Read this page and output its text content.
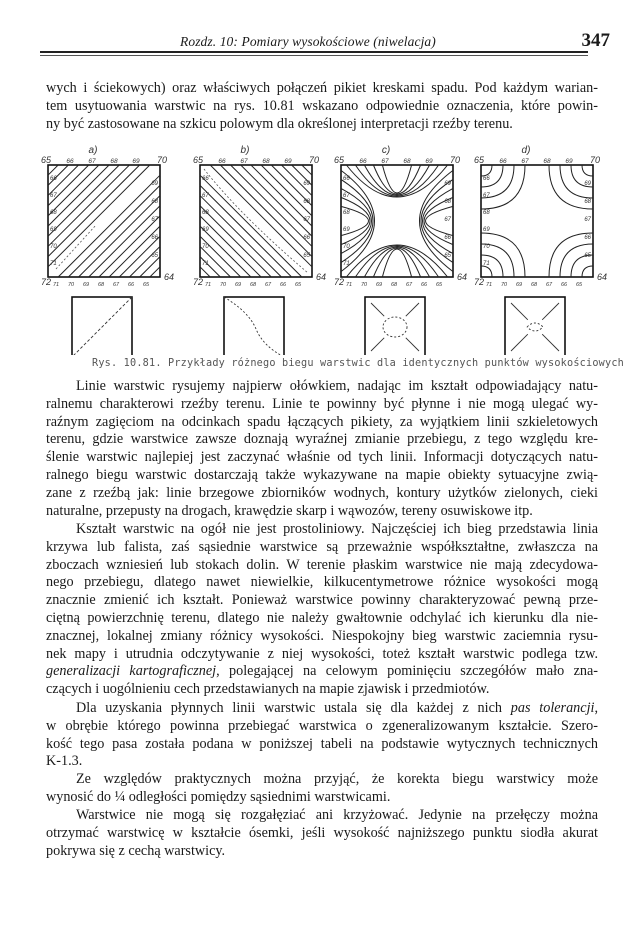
Rozdz. 10: Pomiary wysokościowe (niwelacja)	347

wych i ściekowych) oraz właściwych połączeń pikiet kreskami spadu. Pod każdym warian-
tem usytuowania warstwic na rys. 10.81 wskazano odpowiednie oznaczenia, które powin-
ny być zastosowane na szkicu polowym dla określonej interpretacji rzeźby terenu.

a)
65	70
72	64
66 67 68 69
66
67
68
69
70
71
69
68
67
66
65
71 70 69 68 67 66 65
b)
65	70
72	64
66 67 68 69
66
67
68
69
70
71
69
68
67
66
65
71 70 69 68 67 66 65
c)
65	70
72	64
66 67 68 69
66
67
68
69
70
71
69
68
67
66
65
71 70 69 68 67 66 65
d)
65	70
72	64
66 67 68 69
66
67
68
69
70
71
69
68
67
66
65
71 70 69 68 67 66 65
Rys. 10.81. Przykłady różnego biegu warstwic dla identycznych punktów wysokościowych

Linie warstwic rysujemy najpierw ołówkiem, nadając im kształt odpowiadający natu-
ralnemu charakterowi rzeźby terenu. Linie te powinny być płynne i nie mogą ulegać wy-
raźnym zagięciom na odcinkach spadu łączących pikiety, za wyjątkiem linii szkieletowych
terenu, gdzie warstwice zawsze doznają wyraźnej zmianie przebiegu, z tego względu kre-
ślenie warstwic najlepiej jest zaczynać właśnie od tych linii. Informacji dotyczących natu-
ralnego biegu warstwic dostarczają także wykazywane na mapie obiekty sytuacyjne zwią-
zane z rzeźbą jak: linie brzegowe zbiorników wodnych, kontury użytków zielonych, cieki
naturalne, przepusty na drogach, krawędzie skarp i wąwozów, tereny osuwiskowe itp.

Kształt warstwic na ogół nie jest prostoliniowy. Najczęściej ich bieg przedstawia linia
krzywa lub falista, zaś sąsiednie warstwice są przeważnie współkształtne, zwłaszcza na
zboczach wzniesień lub stokach dolin. W terenie płaskim warstwice nie mają zdecydowa-
nego przebiegu, dlatego nawet niewielkie, kilkucentymetrowe różnice wysokości mogą
znacznie zmienić ich kształt. Ponieważ warstwice powinny charakteryzować pewną prze-
ciętną powierzchnię terenu, dlatego nie należy gwałtownie odchylać ich kierunku dla nie-
znacznej, lokalnej zmiany różnicy wysokości. Niespokojny bieg warstwic zaciemnia rysu-
nek mapy i utrudnia odczytywanie z niej wysokości, toteż kształt warstwic podlega tzw.
generalizacji kartograficznej, polegającej na celowym pominięciu szczegółów mało zna-
czących i uogólnieniu cech przedstawianych na mapie zjawisk i przedmiotów.

Dla uzyskania płynnych linii warstwic ustala się dla każdej z nich pas tolerancji,
w obrębie którego powinna przebiegać warstwica o zgeneralizowanym kształcie. Szero-
kość tego pasa została podana w poniższej tabeli na podstawie wytycznych technicznych
K-1.3.

Ze względów praktycznych można przyjąć, że korekta biegu warstwicy może
wynosić do ¼ odległości pomiędzy sąsiednimi warstwicami.

Warstwice nie mogą się rozgałęziać ani krzyżować. Jedynie na przełęczy można
otrzymać warstwicę w kształcie ósemki, jeśli wysokość najniższego punktu siodła akurat
pokrywa się z cechą warstwicy.
